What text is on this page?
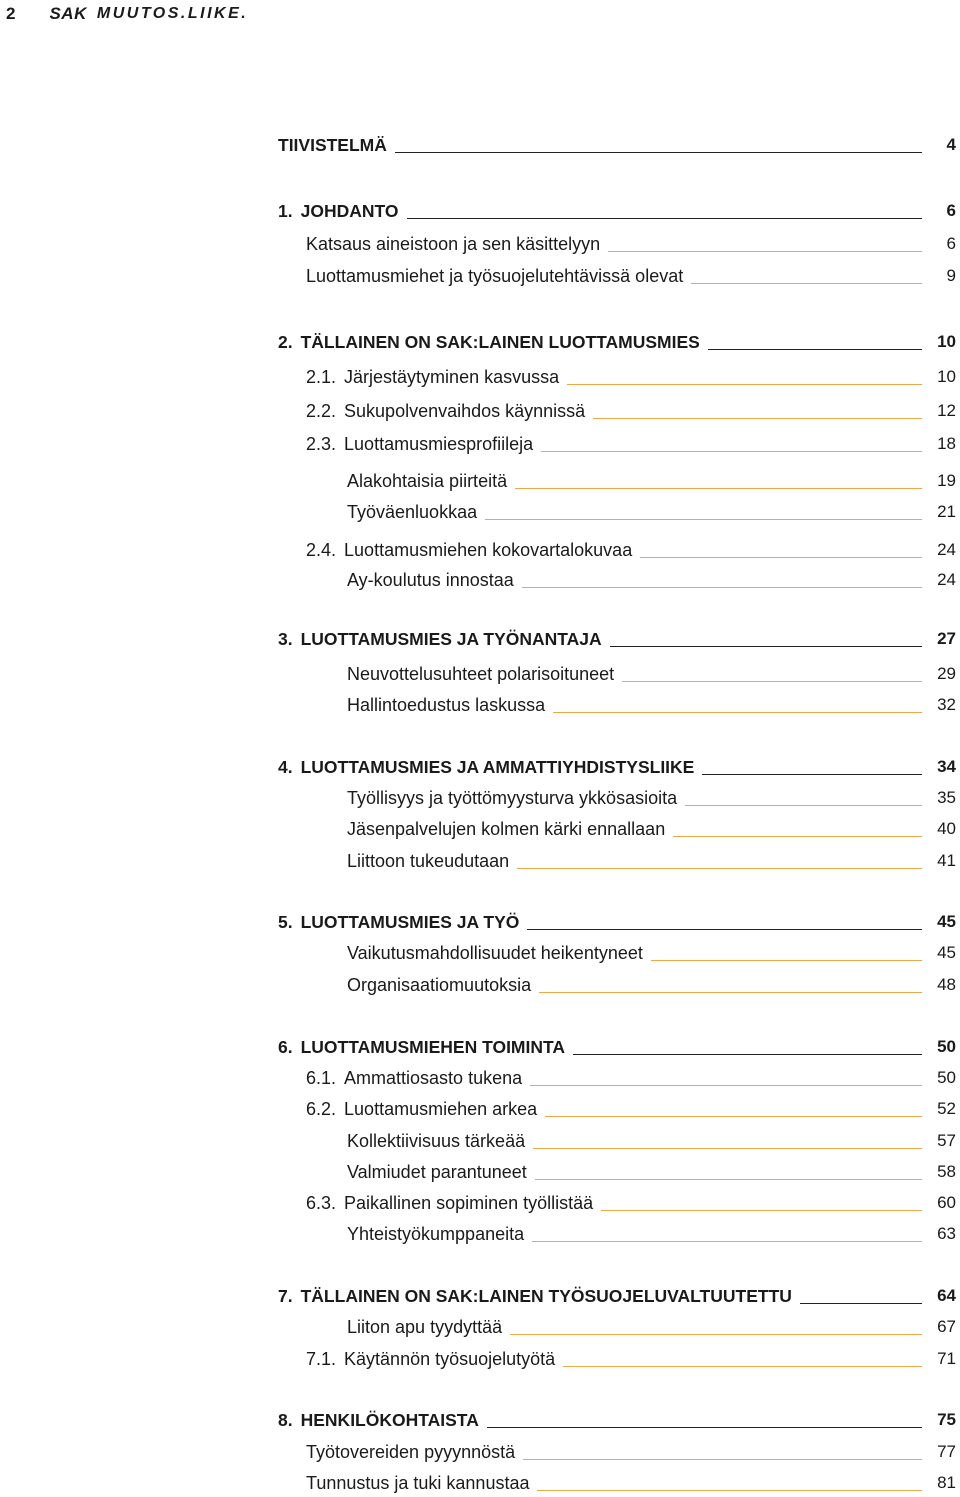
2 SAK MUUTOS.LIIKE.
TIIVISTELMÄ	4
1. JOHDANTO	6
Katsaus aineistoon ja sen käsittelyyn	6
Luottamusmiehet ja työsuojelutehtävissä olevat	9
2. TÄLLAINEN ON SAK:LAINEN LUOTTAMUSMIES	10
2.1. Järjestäytyminen kasvussa	10
2.2. Sukupolvenvaihdos käynnissä	12
2.3. Luottamusmiesprofiileja	18
Alakohtaisia piirteitä	19
Työväenluokkaa	21
2.4. Luottamusmiehen kokovartalokuvaa	24
Ay-koulutus innostaa	24
3. LUOTTAMUSMIES JA TYÖNANTAJA	27
Neuvottelusuhteet polarisoituneet	29
Hallintoedustus laskussa	32
4. LUOTTAMUSMIES JA AMMATTIYHDISTYSLIIKE	34
Työllisyys ja työttömyysturva ykkösasioita	35
Jäsenpalvelujen kolmen kärki ennallaan	40
Liittoon tukeudutaan	41
5. LUOTTAMUSMIES JA TYÖ	45
Vaikutusmahdollisuudet heikentyneet	45
Organisaatiomuutoksia	48
6. LUOTTAMUSMIEHEN TOIMINTA	50
6.1. Ammattiosasto tukena	50
6.2. Luottamusmiehen arkea	52
Kollektiivisuus tärkeää	57
Valmiudet parantuneet	58
6.3. Paikallinen sopiminen työllistää	60
Yhteistyökumppaneita	63
7. TÄLLAINEN ON SAK:LAINEN TYÖSUOJELUVALTUUTETTU	64
Liiton apu tyydyttää	67
7.1. Käytännön työsuojelutyötä	71
8. HENKILÖKOHTAISTA	75
Työtovereiden pyyynnöstä	77
Tunnustus ja tuki kannustaa	81
